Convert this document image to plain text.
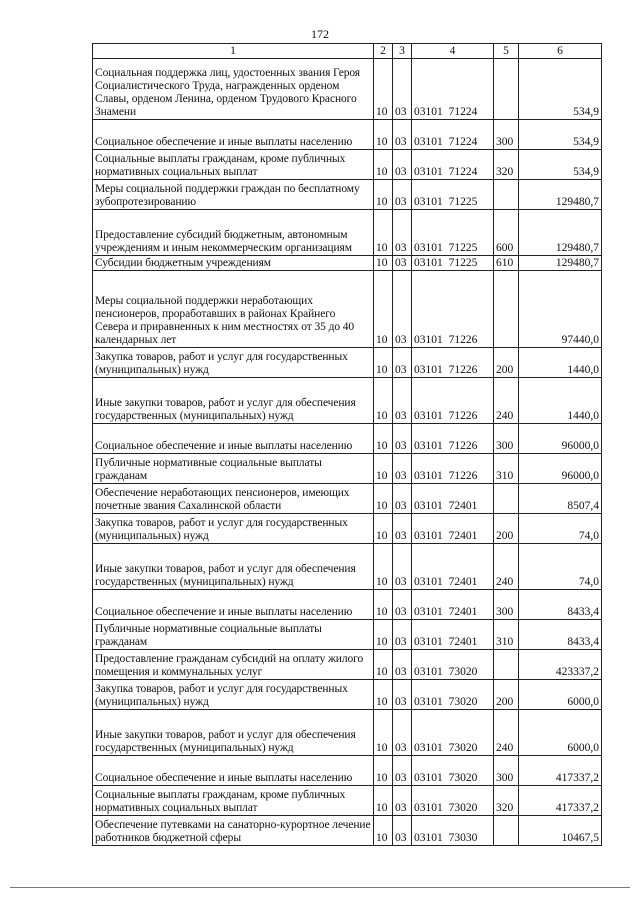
172
1	2	3	4	5	6
Социальная поддержка лиц, удостоенных звания Героя Социалистического Труда, награжденных орденом Славы, орденом Ленина, орденом Трудового Красного Знамени	10	03	03101 71224		534,9
Социальное обеспечение и иные выплаты населению	10	03	03101 71224	300	534,9
Социальные выплаты гражданам, кроме публичных нормативных социальных выплат	10	03	03101 71224	320	534,9
Меры социальной поддержки граждан по бесплатному зубопротезированию	10	03	03101 71225		129480,7
Предоставление субсидий бюджетным, автономным учреждениям и иным некоммерческим организациям	10	03	03101 71225	600	129480,7
Субсидии бюджетным учреждениям	10	03	03101 71225	610	129480,7
Меры социальной поддержки неработающих пенсионеров, проработавших в районах Крайнего Севера и приравненных к ним местностях от 35 до 40 календарных лет	10	03	03101 71226		97440,0
Закупка товаров, работ и услуг для государственных (муниципальных) нужд	10	03	03101 71226	200	1440,0
Иные закупки товаров, работ и услуг для обеспечения государственных (муниципальных) нужд	10	03	03101 71226	240	1440,0
Социальное обеспечение и иные выплаты населению	10	03	03101 71226	300	96000,0
Публичные нормативные социальные выплаты гражданам	10	03	03101 71226	310	96000,0
Обеспечение неработающих пенсионеров, имеющих почетные звания Сахалинской области	10	03	03101 72401		8507,4
Закупка товаров, работ и услуг для государственных (муниципальных) нужд	10	03	03101 72401	200	74,0
Иные закупки товаров, работ и услуг для обеспечения государственных (муниципальных) нужд	10	03	03101 72401	240	74,0
Социальное обеспечение и иные выплаты населению	10	03	03101 72401	300	8433,4
Публичные нормативные социальные выплаты гражданам	10	03	03101 72401	310	8433,4
Предоставление гражданам субсидий на оплату жилого помещения и коммунальных услуг	10	03	03101 73020		423337,2
Закупка товаров, работ и услуг для государственных (муниципальных) нужд	10	03	03101 73020	200	6000,0
Иные закупки товаров, работ и услуг для обеспечения государственных (муниципальных) нужд	10	03	03101 73020	240	6000,0
Социальное обеспечение и иные выплаты населению	10	03	03101 73020	300	417337,2
Социальные выплаты гражданам, кроме публичных нормативных социальных выплат	10	03	03101 73020	320	417337,2
Обеспечение путевками на санаторно-курортное лечение работников бюджетной сферы	10	03	03101 73030		10467,5
